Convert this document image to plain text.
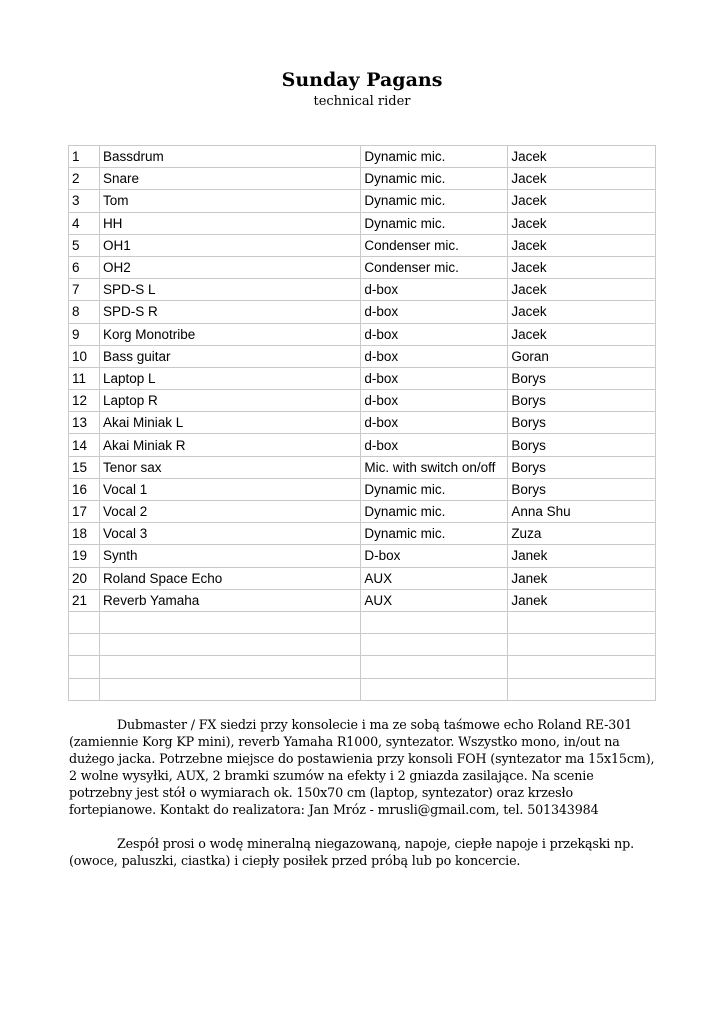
Sunday Pagans
technical rider
1	Bassdrum	Dynamic mic.	Jacek
2	Snare	Dynamic mic.	Jacek
3	Tom	Dynamic mic.	Jacek
4	HH	Dynamic mic.	Jacek
5	OH1	Condenser mic.	Jacek
6	OH2	Condenser mic.	Jacek
7	SPD-S L	d-box	Jacek
8	SPD-S R	d-box	Jacek
9	Korg Monotribe	d-box	Jacek
10	Bass guitar	d-box	Goran
11	Laptop L	d-box	Borys
12	Laptop R	d-box	Borys
13	Akai Miniak L	d-box	Borys
14	Akai Miniak R	d-box	Borys
15	Tenor sax	Mic. with switch on/off	Borys
16	Vocal 1	Dynamic mic.	Borys
17	Vocal 2	Dynamic mic.	Anna Shu
18	Vocal 3	Dynamic mic.	Zuza
19	Synth	D-box	Janek
20	Roland Space Echo	AUX	Janek
21	Reverb Yamaha	AUX	Janek

Dubmaster / FX siedzi przy konsolecie i ma ze sobą taśmowe echo Roland RE-301 (zamiennie Korg KP mini), reverb Yamaha R1000, syntezator. Wszystko mono, in/out na dużego jacka. Potrzebne miejsce do postawienia przy konsoli FOH (syntezator ma 15x15cm), 2 wolne wysyłki, AUX, 2 bramki szumów na efekty i 2 gniazda zasilające. Na scenie potrzebny jest stół o wymiarach ok. 150x70 cm (laptop, syntezator) oraz krzesło fortepianowe. Kontakt do realizatora: Jan Mróz - mrusli@gmail.com, tel. 501343984

Zespół prosi o wodę mineralną niegazowaną, napoje, ciepłe napoje i przekąski np. (owoce, paluszki, ciastka) i ciepły posiłek przed próbą lub po koncercie.
